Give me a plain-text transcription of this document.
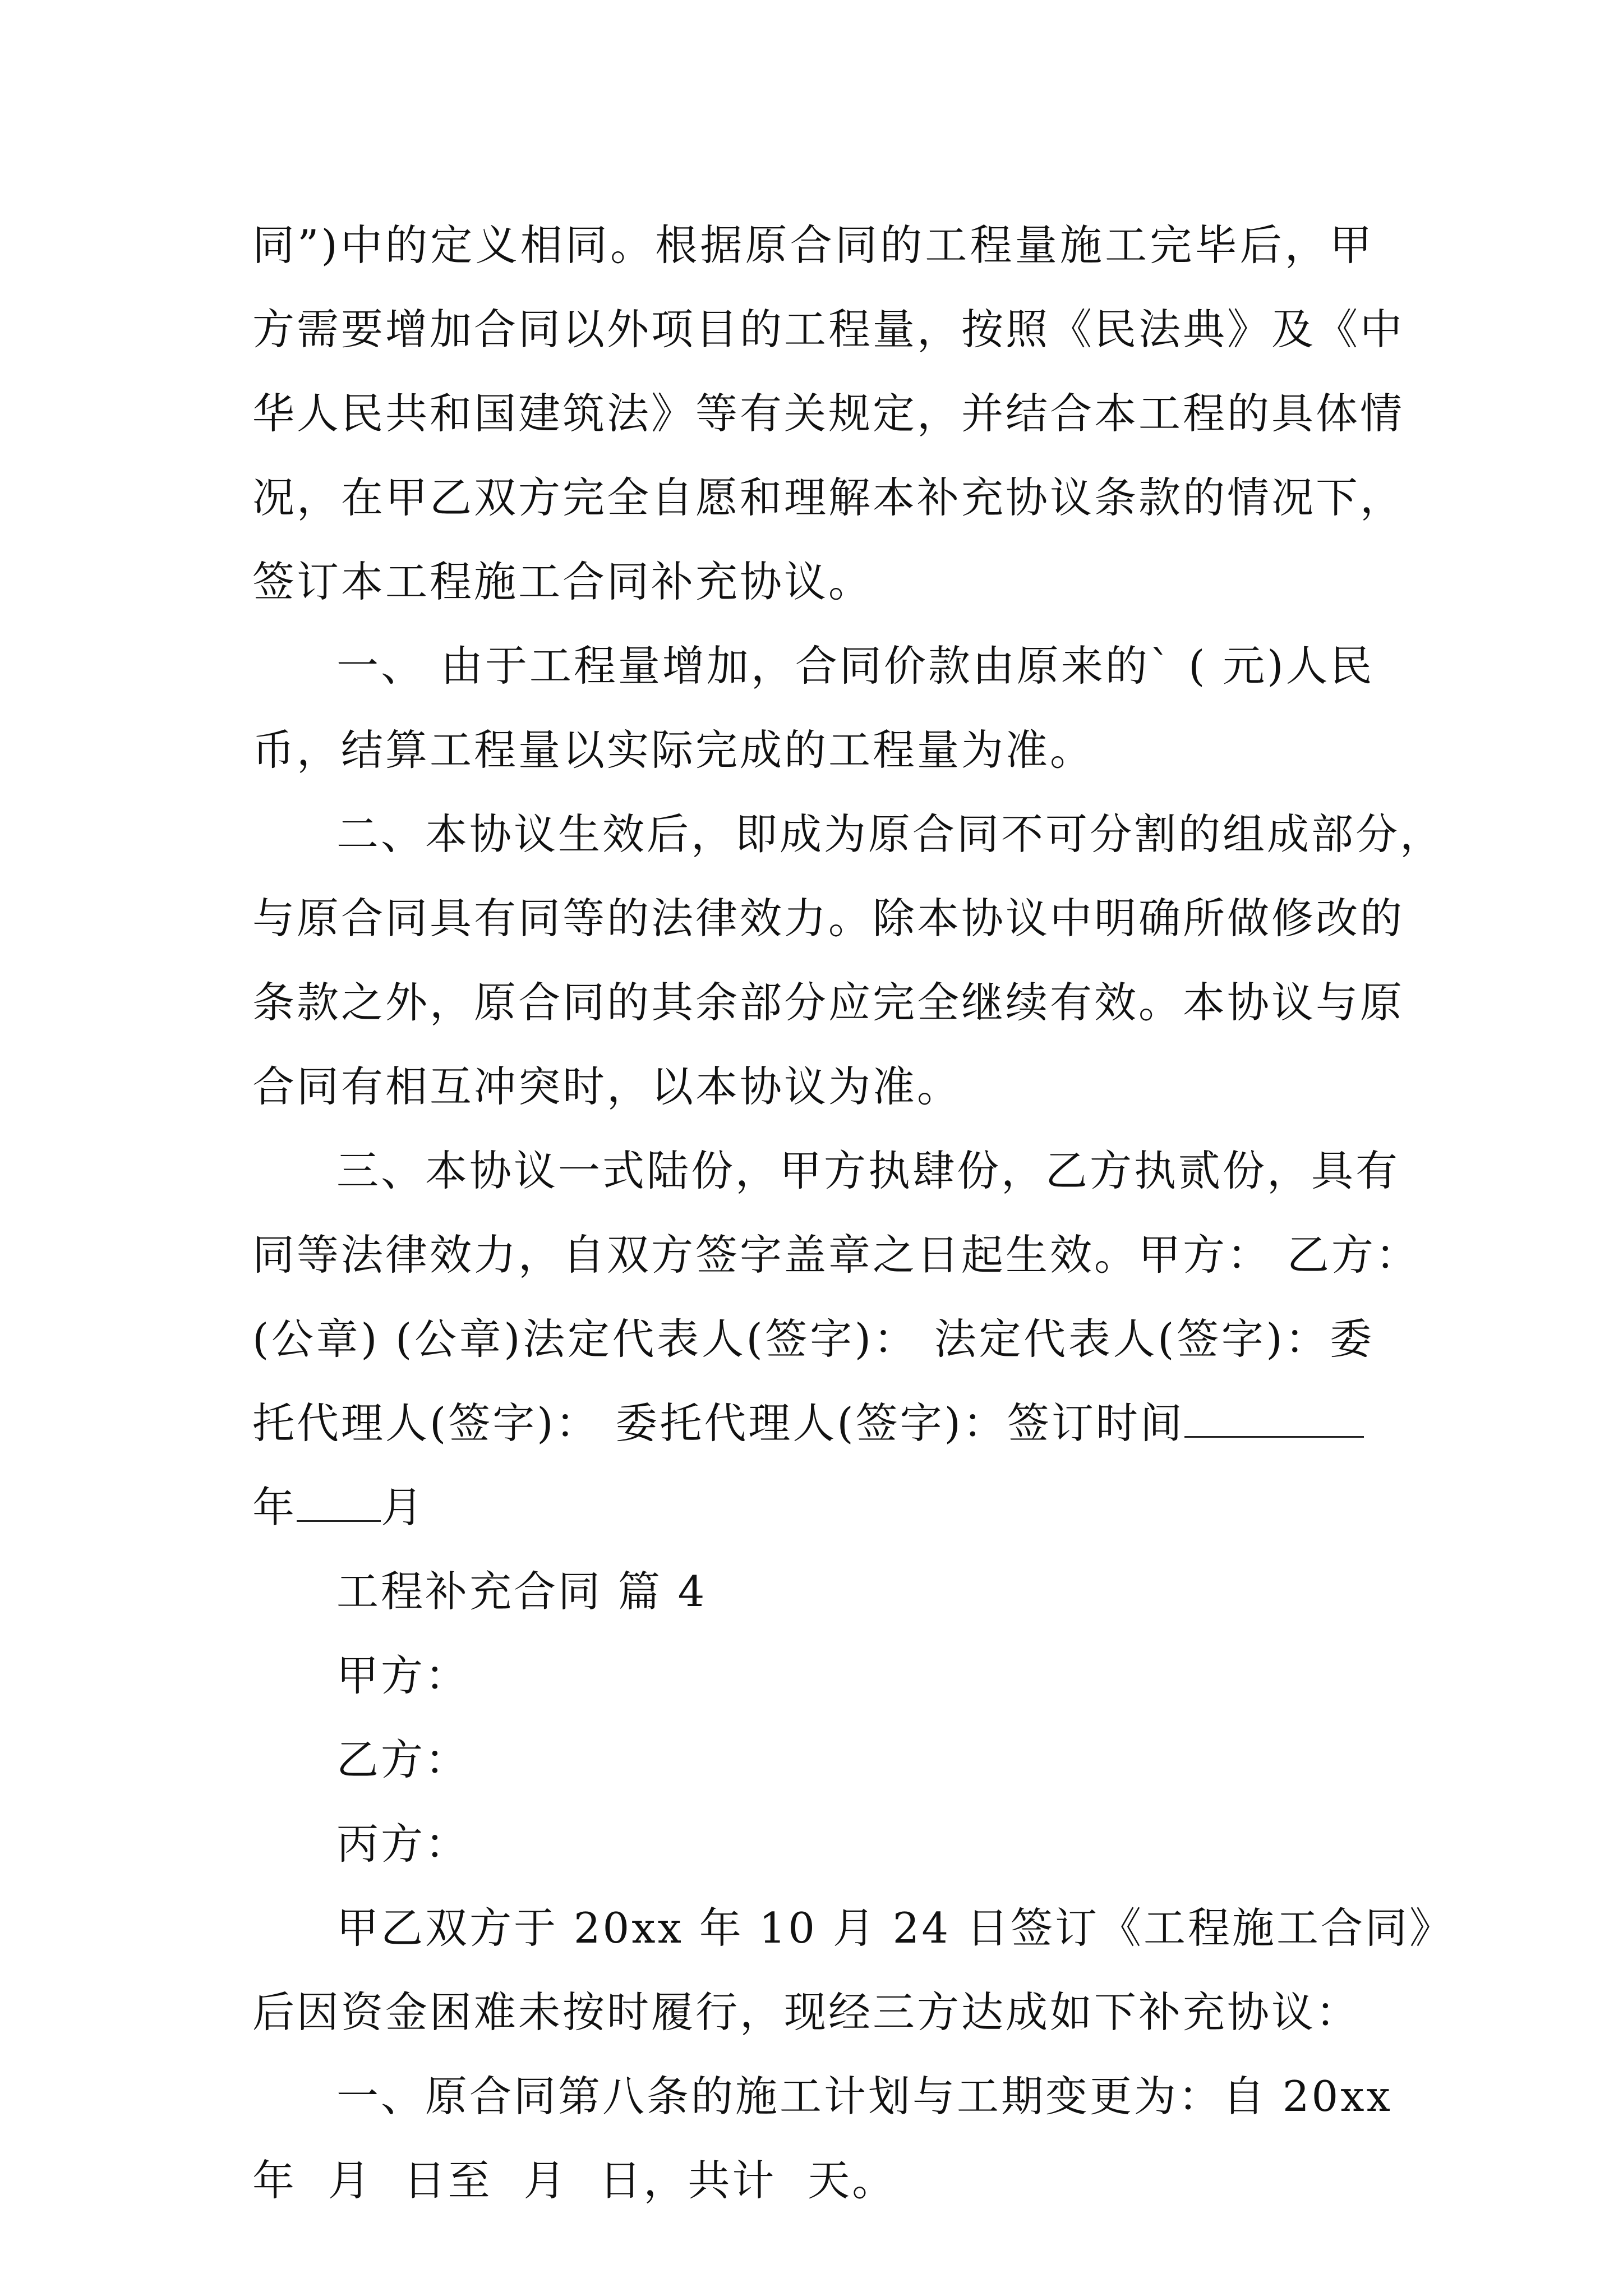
同”)中的定义相同。根据原合同的工程量施工完毕后，甲
方需要增加合同以外项目的工程量，按照《民法典》及《中
华人民共和国建筑法》等有关规定，并结合本工程的具体情
况，在甲乙双方完全自愿和理解本补充协议条款的情况下，
签订本工程施工合同补充协议。
一、 由于工程量增加，合同价款由原来的` ( 元)人民
币，结算工程量以实际完成的工程量为准。
二、本协议生效后，即成为原合同不可分割的组成部分，
与原合同具有同等的法律效力。除本协议中明确所做修改的
条款之外，原合同的其余部分应完全继续有效。本协议与原
合同有相互冲突时，以本协议为准。
三、本协议一式陆份，甲方执肆份，乙方执贰份，具有
同等法律效力，自双方签字盖章之日起生效。甲方： 乙方：
(公章) (公章)法定代表人(签字)： 法定代表人(签字)：委
托代理人(签字)： 委托代理人(签字)：签订时间
年 月
工程补充合同 篇 4
甲方：
乙方：
丙方：
甲乙双方于 20xx 年 10 月 24 日签订《工程施工合同》
后因资金困难未按时履行，现经三方达成如下补充协议：
一、原合同第八条的施工计划与工期变更为：自 20xx
年 月 日至 月 日，共计 天。
